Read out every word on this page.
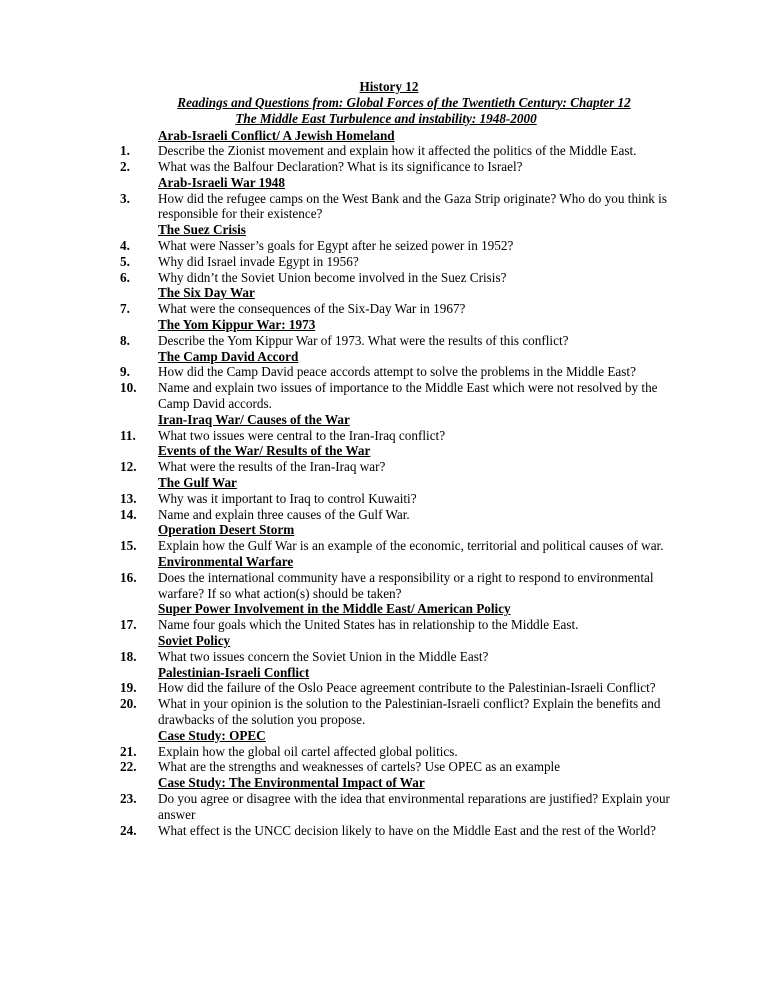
History 12
Readings and Questions from: Global Forces of the Twentieth Century: Chapter 12
The Middle East Turbulence and instability: 1948-2000
Arab-Israeli Conflict/ A Jewish Homeland
1. Describe the Zionist movement and explain how it affected the politics of the Middle East.
2. What was the Balfour Declaration? What is its significance to Israel?
Arab-Israeli War 1948
3. How did the refugee camps on the West Bank and the Gaza Strip originate? Who do you think is responsible for their existence?
The Suez Crisis
4. What were Nasser’s goals for Egypt after he seized power in 1952?
5. Why did Israel invade Egypt in 1956?
6. Why didn’t the Soviet Union become involved in the Suez Crisis?
The Six Day War
7. What were the consequences of the Six-Day War in 1967?
The Yom Kippur War: 1973
8. Describe the Yom Kippur War of 1973. What were the results of this conflict?
The Camp David Accord
9. How did the Camp David peace accords attempt to solve the problems in the Middle East?
10. Name and explain two issues of importance to the Middle East which were not resolved by the Camp David accords.
Iran-Iraq War/ Causes of the War
11. What two issues were central to the Iran-Iraq conflict?
Events of the War/ Results of the War
12. What were the results of the Iran-Iraq war?
The Gulf War
13. Why was it important to Iraq to control Kuwaiti?
14. Name and explain three causes of the Gulf War.
Operation Desert Storm
15. Explain how the Gulf War is an example of the economic, territorial and political causes of war.
Environmental Warfare
16. Does the international community have a responsibility or a right to respond to environmental warfare? If so what action(s) should be taken?
Super Power Involvement in the Middle East/ American Policy
17. Name four goals which the United States has in relationship to the Middle East.
Soviet Policy
18. What two issues concern the Soviet Union in the Middle East?
Palestinian-Israeli Conflict
19. How did the failure of the Oslo Peace agreement contribute to the Palestinian-Israeli Conflict?
20. What in your opinion is the solution to the Palestinian-Israeli conflict? Explain the benefits and drawbacks of the solution you propose.
Case Study: OPEC
21. Explain how the global oil cartel affected global politics.
22. What are the strengths and weaknesses of cartels? Use OPEC as an example
Case Study: The Environmental Impact of War
23. Do you agree or disagree with the idea that environmental reparations are justified? Explain your answer
24. What effect is the UNCC decision likely to have on the Middle East and the rest of the World?
